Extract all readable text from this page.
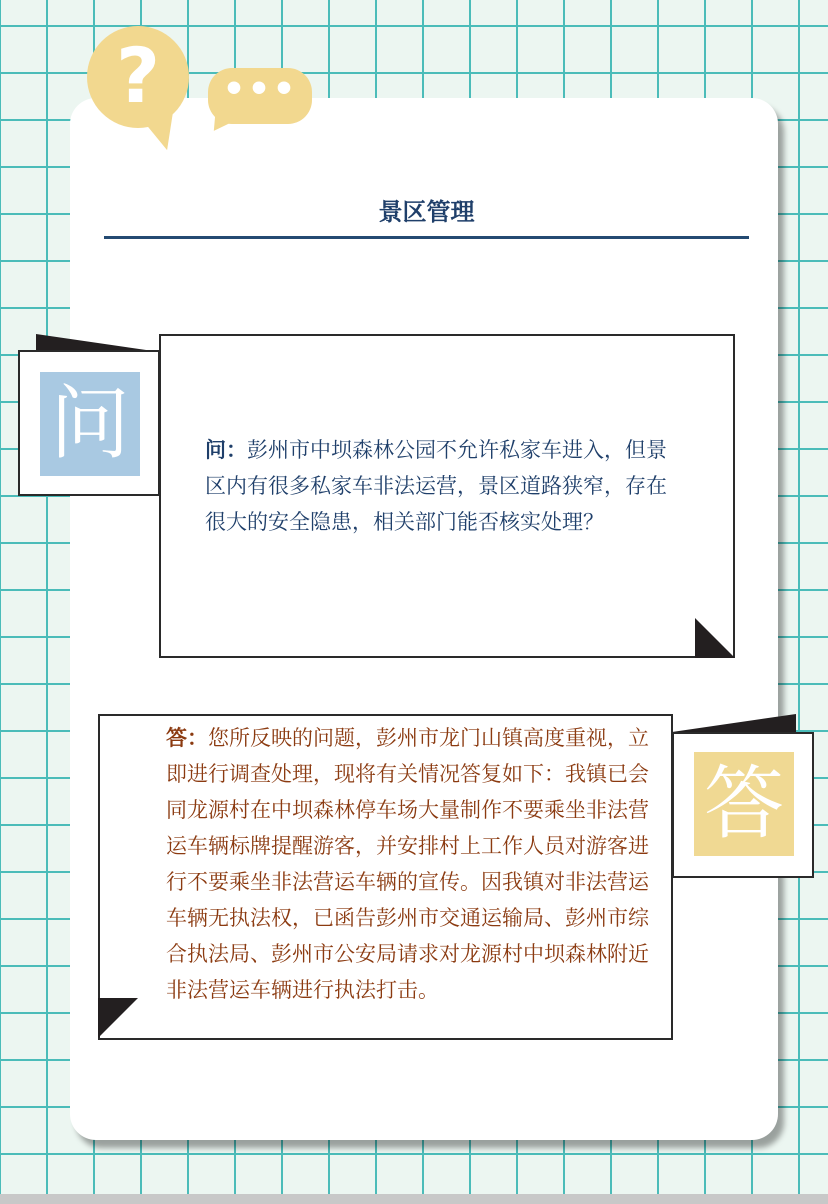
?	•••
景区管理
问	问：彭州市中坝森林公园不允许私家车进入，但景区内有很多私家车非法运营，景区道路狭窄，存在很大的安全隐患，相关部门能否核实处理？
答
答：您所反映的问题，彭州市龙门山镇高度重视，立即进行调查处理，现将有关情况答复如下：我镇已会同龙源村在中坝森林停车场大量制作不要乘坐非法营运车辆标牌提醒游客，并安排村上工作人员对游客进行不要乘坐非法营运车辆的宣传。因我镇对非法营运车辆无执法权，已函告彭州市交通运输局、彭州市综合执法局、彭州市公安局请求对龙源村中坝森林附近非法营运车辆进行执法打击。
